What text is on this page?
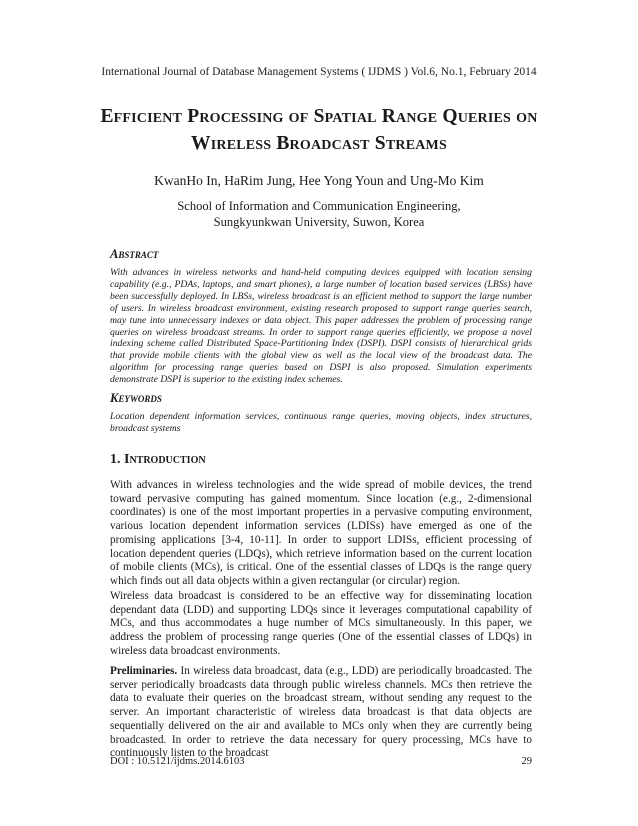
International Journal of Database Management Systems ( IJDMS ) Vol.6, No.1, February 2014
Efficient Processing of Spatial Range Queries on Wireless Broadcast Streams
KwanHo In, HaRim Jung, Hee Yong Youn and Ung-Mo Kim
School of Information and Communication Engineering,
Sungkyunkwan University, Suwon, Korea
Abstract
With advances in wireless networks and hand-held computing devices equipped with location sensing capability (e.g., PDAs, laptops, and smart phones), a large number of location based services (LBSs) have been successfully deployed. In LBSs, wireless broadcast is an efficient method to support the large number of users. In wireless broadcast environment, existing research proposed to support range queries search, may tune into unnecessary indexes or data object. This paper addresses the problem of processing range queries on wireless broadcast streams. In order to support range queries efficiently, we propose a novel indexing scheme called Distributed Space-Partitioning Index (DSPI). DSPI consists of hierarchical grids that provide mobile clients with the global view as well as the local view of the broadcast data. The algorithm for processing range queries based on DSPI is also proposed. Simulation experiments demonstrate DSPI is superior to the existing index schemes.
Keywords
Location dependent information services, continuous range queries, moving objects, index structures, broadcast systems
1. Introduction
With advances in wireless technologies and the wide spread of mobile devices, the trend toward pervasive computing has gained momentum. Since location (e.g., 2-dimensional coordinates) is one of the most important properties in a pervasive computing environment, various location dependent information services (LDISs) have emerged as one of the promising applications [3-4, 10-11]. In order to support LDISs, efficient processing of location dependent queries (LDQs), which retrieve information based on the current location of mobile clients (MCs), is critical. One of the essential classes of LDQs is the range query which finds out all data objects within a given rectangular (or circular) region.
Wireless data broadcast is considered to be an effective way for disseminating location dependant data (LDD) and supporting LDQs since it leverages computational capability of MCs, and thus accommodates a huge number of MCs simultaneously. In this paper, we address the problem of processing range queries (One of the essential classes of LDQs) in wireless data broadcast environments.
Preliminaries. In wireless data broadcast, data (e.g., LDD) are periodically broadcasted. The server periodically broadcasts data through public wireless channels. MCs then retrieve the data to evaluate their queries on the broadcast stream, without sending any request to the server. An important characteristic of wireless data broadcast is that data objects are sequentially delivered on the air and available to MCs only when they are currently being broadcasted. In order to retrieve the data necessary for query processing, MCs have to continuously listen to the broadcast
DOI : 10.5121/ijdms.2014.6103	29
